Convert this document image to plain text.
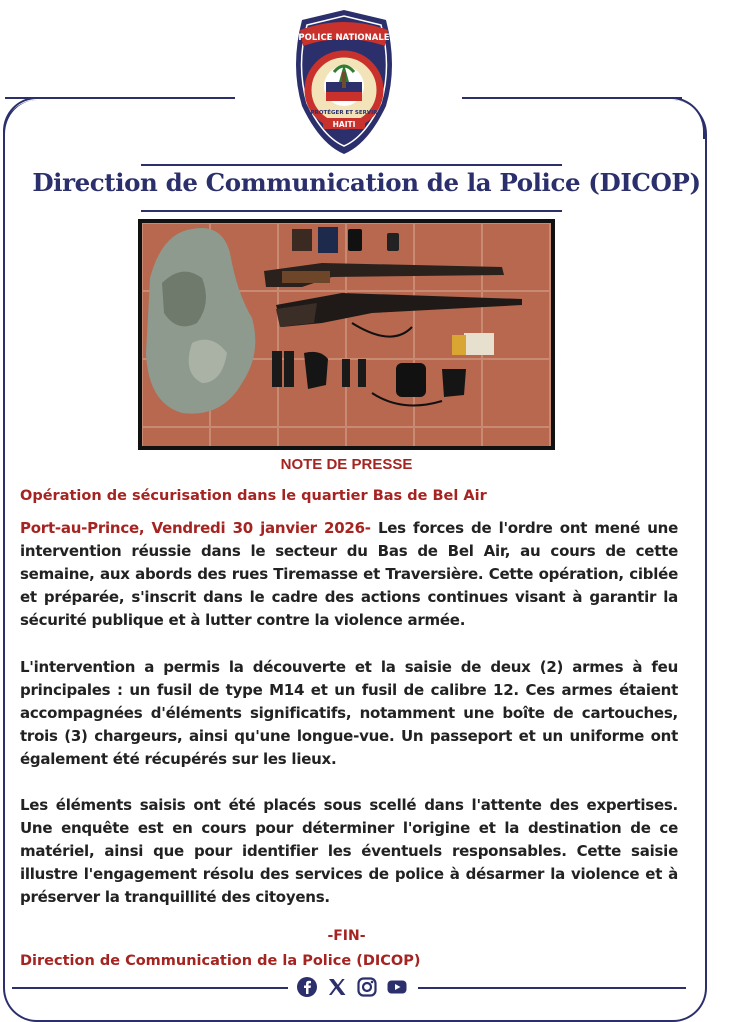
POLICE NATIONALE
HAITI
PROTÉGER ET SERVIR
Direction de Communication de la Police (DICOP)
NOTE DE PRESSE
Opération de sécurisation dans le quartier Bas de Bel Air
Port-au-Prince, Vendredi 30 janvier 2026- Les forces de l'ordre ont mené une intervention réussie dans le secteur du Bas de Bel Air, au cours de cette semaine, aux abords des rues Tiremasse et Traversière. Cette opération, ciblée et préparée, s'inscrit dans le cadre des actions continues visant à garantir la sécurité publique et à lutter contre la violence armée.
L'intervention a permis la découverte et la saisie de deux (2) armes à feu principales : un fusil de type M14 et un fusil de calibre 12. Ces armes étaient accompagnées d'éléments significatifs, notamment une boîte de cartouches, trois (3) chargeurs, ainsi qu'une longue-vue. Un passeport et un uniforme ont également été récupérés sur les lieux.
Les éléments saisis ont été placés sous scellé dans l'attente des expertises. Une enquête est en cours pour déterminer l'origine et la destination de ce matériel, ainsi que pour identifier les éventuels responsables. Cette saisie illustre l'engagement résolu des services de police à désarmer la violence et à préserver la tranquillité des citoyens.
-FIN-
Direction de Communication de la Police (DICOP)
